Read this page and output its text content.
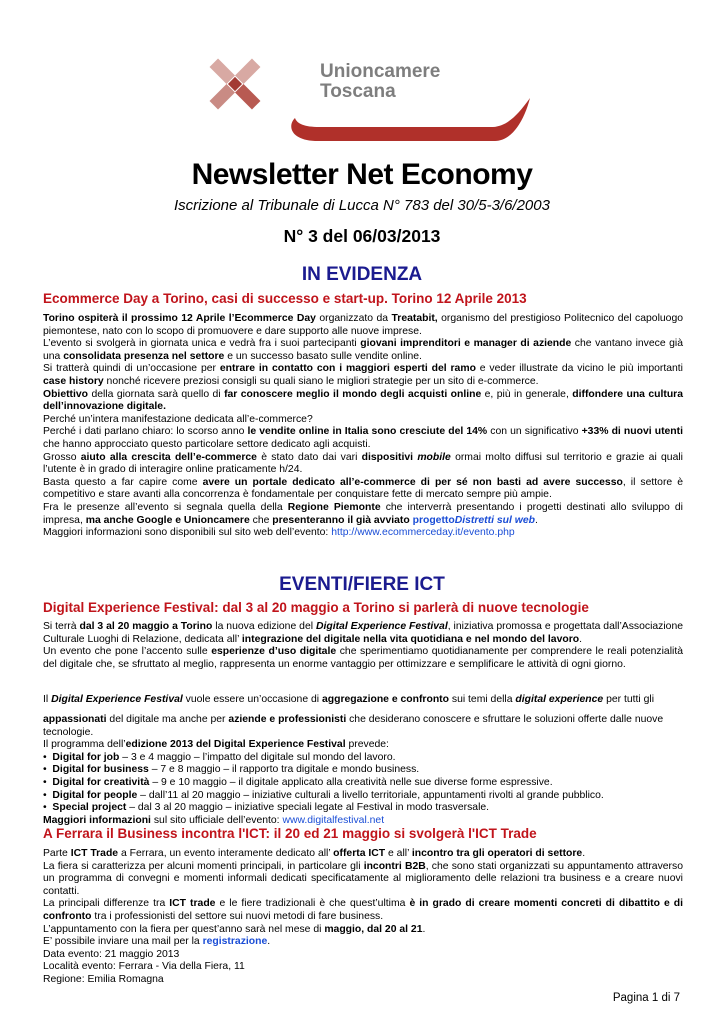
Unioncamere
Toscana
Newsletter Net Economy
Iscrizione al Tribunale di Lucca N° 783 del 30/5-3/6/2003
N° 3 del 06/03/2013
IN EVIDENZA
Ecommerce Day a Torino, casi di successo e start-up. Torino 12 Aprile 2013

Torino ospiterà il prossimo 12 Aprile l’Ecommerce Day organizzato da Treatabit, organismo del prestigioso Politecnico del capoluogo piemontese, nato con lo scopo di promuovere e dare supporto alle nuove imprese.

L’evento si svolgerà in giornata unica e vedrà fra i suoi partecipanti giovani imprenditori e manager di aziende che vantano invece già una consolidata presenza nel settore e un successo basato sulle vendite online.

Si tratterà quindi di un’occasione per entrare in contatto con i maggiori esperti del ramo e veder illustrate da vicino le più importanti case history nonché ricevere preziosi consigli su quali siano le migliori strategie per un sito di e-commerce.

Obiettivo della giornata sarà quello di far conoscere meglio il mondo degli acquisti online e, più in generale, diffondere una cultura dell’innovazione digitale.

Perché un’intera manifestazione dedicata all’e-commerce?

Perché i dati parlano chiaro: lo scorso anno le vendite online in Italia sono cresciute del 14% con un significativo +33% di nuovi utenti che hanno approcciato questo particolare settore dedicato agli acquisti.

Grosso aiuto alla crescita dell’e-commerce è stato dato dai vari dispositivi mobile ormai molto diffusi sul territorio e grazie ai quali l’utente è in grado di interagire online praticamente h/24.

Basta questo a far capire come avere un portale dedicato all’e-commerce di per sé non basti ad avere successo, il settore è competitivo e stare avanti alla concorrenza è fondamentale per conquistare fette di mercato sempre più ampie.

Fra le presenze all’evento si segnala quella della Regione Piemonte che interverrà presentando i progetti destinati allo sviluppo di impresa, ma anche Google e Unioncamere che presenteranno il già avviato progettoDistretti sul web.

Maggiori informazioni sono disponibili sul sito web dell’evento: http://www.ecommerceday.it/evento.php

EVENTI/FIERE ICT
Digital Experience Festival: dal 3 al 20 maggio a Torino si parlerà di nuove tecnologie

Si terrà dal 3 al 20 maggio a Torino la nuova edizione del Digital Experience Festival, iniziativa promossa e progettata dall’Associazione Culturale Luoghi di Relazione, dedicata all’ integrazione del digitale nella vita quotidiana e nel mondo del lavoro.

Un evento che pone l’accento sulle esperienze d’uso digitale che sperimentiamo quotidianamente per comprendere le reali potenzialità del digitale che, se sfruttato al meglio, rappresenta un enorme vantaggio per ottimizzare e semplificare le attività di ogni giorno.

Il Digital Experience Festival vuole essere un’occasione di aggregazione e confronto sui temi della digital experience per tutti gli

appassionati del digitale ma anche per aziende e professionisti che desiderano conoscere e sfruttare le soluzioni offerte dalle nuove tecnologie.

Il programma dell’edizione 2013 del Digital Experience Festival prevede:

• Digital for job – 3 e 4 maggio – l’impatto del digitale sul mondo del lavoro.

• Digital for business – 7 e 8 maggio – il rapporto tra digitale e mondo business.

• Digital for creatività – 9 e 10 maggio – il digitale applicato alla creatività nelle sue diverse forme espressive.

• Digital for people – dall’11 al 20 maggio – iniziative culturali a livello territoriale, appuntamenti rivolti al grande pubblico.

• Special project – dal 3 al 20 maggio – iniziative speciali legate al Festival in modo trasversale.

Maggiori informazioni sul sito ufficiale dell’evento: www.digitalfestival.net

A Ferrara il Business incontra l'ICT: il 20 ed 21 maggio si svolgerà l'ICT Trade

Parte ICT Trade a Ferrara, un evento interamente dedicato all’ offerta ICT e all’ incontro tra gli operatori di settore.

La fiera si caratterizza per alcuni momenti principali, in particolare gli incontri B2B, che sono stati organizzati su appuntamento attraverso un programma di convegni e momenti informali dedicati specificatamente al miglioramento delle relazioni tra business e a creare nuovi contatti.

La principali differenze tra ICT trade e le fiere tradizionali è che quest’ultima è in grado di creare momenti concreti di dibattito e di confronto tra i professionisti del settore sui nuovi metodi di fare business.

L’appuntamento con la fiera per quest’anno sarà nel mese di maggio, dal 20 al 21.

E’ possibile inviare una mail per la registrazione.

Data evento: 21 maggio 2013

Località evento: Ferrara - Via della Fiera, 11

Regione: Emilia Romagna

Pagina 1 di 7
